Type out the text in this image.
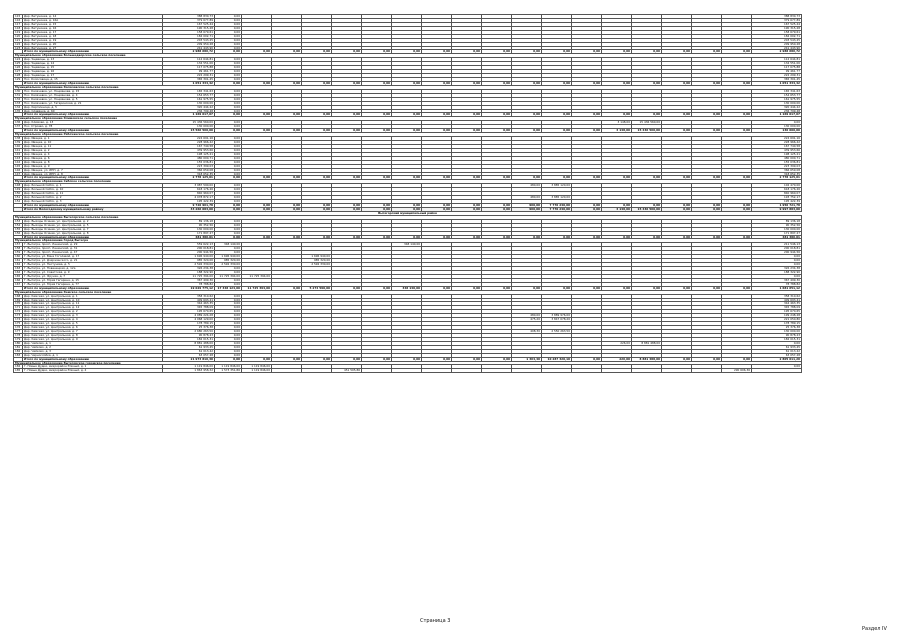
115	Дер. Бетунинка, д. 14	388 830,73	0,00																		388 830,73
116	Дер. Бетунинка, д. 16А	379 677,89	0,00																		379 677,89
117	Дер. Бетунинка, д. 15	167 525,44	0,00																		167 525,44
118	Дер. Бетунинка, д. 16	190 315,28	0,00																		190 315,28
119	Дер. Бетунинка, д. 17	158 679,61	0,00																		158 679,61
120	Дер. Бетунинка, д. 18	184 002,71	0,00																		184 002,71
121	Дер. Бетунинка, д. 19	203 543,25	0,00																		203 543,25
122	Дер. Бетунинка, д. 20	209 950,28	0,00																		209 950,28
123	Дер. Бетунинка, д. 27	241 443,90	0,00																		241 443,90
	Итого по муниципальному образованию	2 988 686,72	0,00	0,00	0,00	0,00	0,00	0,00	0,00	0,00	0,00	0,00	0,00	0,00	0,00	0,00	0,00	0,00	0,00	0,00	2 988 686,72
Муниципальное образование Большедворское сельское поселение																					
124	Дер. Ущевицы, д. 13	112 644,81	0,00																		112 644,81
125	Дер. Ущевицы, д. 14	134 551,00	0,00																		134 551,00
126	Дер. Ущевицы, д. 15	117 075,88	0,00																		117 075,88
127	Дер. Ущевицы, д. 16	99 461,77	0,00																		99 461,77
128	Дер. Ущевицы, д. 17	222 299,31	0,00																		222 299,31
129	Пос. Колосовица, д. 15	365 301,45	0,00																		365 301,45
	Итого по муниципальному образованию	1 051 334,42	0,00	0,00	0,00	0,00	0,00	0,00	0,00	0,00	0,00	0,00	0,00	0,00	0,00	0,00	0,00	0,00	0,00	0,00	1 051 334,42
Муниципальное образование Калачевское сельское поселение																					
130	Пос. Калачевка, ул. Лоцманова, д. 15	165 341,63	0,00																		165 341,63
131	Пос. Калачевка, ул. Лоцманова, д. 4	154 653,77	0,00																		154 653,77
132	Пос. Калачевка, ул. Лоцманова, д. 5	161 975,55	0,00																		161 975,55
133	Пос. Калачевка, ул. Гагаринская, д. 21	130 000,00	0,00																		130 000,00
134	Дер. Кирпичница, д. 5	320 444,22	0,00																		320 444,22
135	Дер. Славянка, д. 60	236 799,48	0,00																		236 799,48
	Итого по муниципальному образованию	1 169 017,07	0,00	0,00	0,00	0,00	0,00	0,00	0,00	0,00	0,00	0,00	0,00	0,00	0,00	0,00	0,00	0,00	0,00	0,00	1 169 017,07
Муниципальное образование Климовское сельское поселение																					
136	Дер. Климово, д. 13	15 436 560,00	0,00													3 148,00	15 436 560,00				0,00
137	Пос. Строево, д. 78	130 000,00	0,00																		130 000,00
	Итого по муниципальному образованию	15 566 560,00	0,00	0,00	0,00	0,00	0,00	0,00	0,00	0,00	0,00	0,00	0,00	0,00	0,00	3 148,00	15 436 560,00	0,00	0,00	0,00	130 000,00
Муниципальное образование Рабочинское сельское поселение																					
138	Дер. Ивацка, д. 1	224 691,16	0,00																		224 691,16
139	Дер. Ивацка, д. 10	228 966,42	0,00																		228 966,42
140	Дер. Ивацка, д. 11	167 740,58	0,00																		167 740,58
141	Дер. Ивацка, д. 2	439 953,66	0,00																		439 953,66
142	Дер. Ивацка, д. 4	198 125,21	0,00																		198 125,21
143	Дер. Ивацка, д. 6	480 000,71	0,00																		480 000,71
144	Дер. Ивацка, д. 8	155 036,81	0,00																		155 036,81
145	Дер. Ивацка, д. 9	223 399,03	0,00																		223 399,03
146	Дер. Ивацка, ул. ИНП, д. 7	366 659,08	0,00																		366 659,08
147	Дер. Ивацка, ул. ИНП, д. 8	318 652,35	0,00																		318 652,35
	Итого по муниципальному образованию	2 778 125,01	0,00	0,00	0,00	0,00	0,00	0,00	0,00	0,00	0,00	0,00	0,00	0,00	0,00	0,00	0,00	0,00	0,00	0,00	2 778 125,01
Муниципальное образование Сибское сельское поселение																					
148	Дер. Большой Сибск, д. 1	3 987 590,00	0,00										480,00	3 885 120,00							102 470,00
149	Дер. Большой Сибск, д. 10	618 176,26	0,00																		618 176,26
150	Дер. Большой Сибск, д. 11	840 960,07	0,00																		840 960,07
151	Дер. Большой Сибск, д. 2	4 078 872,17	0,00										480,00	3 885 120,00							193 752,17
152	Дер. Большой Сибск, д. 3	195 422,39	0,00																		195 422,39
	Итого по муниципальному образованию	9 720 961,78	0,00	0,00	0,00	0,00	0,00	0,00	0,00	0,00	0,00	0,00	960,00	7 770 240,00	0,00	0,00	0,00	0,00	0,00	0,00	1 950 721,78
	Итого по Вологодскому муниципальному району	33 266 083,00	0,00	0,00	0,00	0,00	0,00	0,00	0,00	0,00	0,00	0,00	960,00	7 770 240,00	0,00	3 148,00	15 436 560,00	0,00	0,00	0,00	9 997 883,00
Вытегорский муниципальный район																					
Муниципальное образование Вытегорское сельское поселение																					
153	Дер. Выходы Осинев, ул. Центральная, д. 2	89 136,18	0,00																		89 136,18
154	Дер. Выходы Осинев, ул. Центральная, д. 5	90 352,56	0,00																		90 352,56
155	Дер. Выходы Осинев, ул. Центральная, д. 7	130 000,00	0,00																		130 000,00
156	Дер. Выходы Осинев, ул. Центральная, д. 8	171 897,27	0,00																		171 897,27
	Итого по муниципальному образованию	481 386,01	0,00	0,00	0,00	0,00	0,00	0,00	0,00	0,00	0,00	0,00	0,00	0,00	0,00	0,00	0,00	0,00	0,00	0,00	481 386,01
Муниципальное образование Город Вытегра																					
157	Г. Вытегра, просп. Ленинский, д. 29	559 622,13	348 140,00						348 140,00												211 546,13
158	Г. Вытегра, просп. Ленинский, д. 31	200 018,81	0,00																		200 018,81
159	Г. Вытегра, просп. Ленинский, д. 47	200 944,56	0,00																		200 944,56
160	Г. Вытегра, ул. Вяна Гоголевой, д. 17	1 696 940,00	1 696 940,00			1 696 940,00															0,00
161	Г. Вытегра, ул. Дзержинского, д. 21	985 320,00	985 320,00			985 320,00															0,00
162	Г. Вытегра, ул. Пестунова, д. 5	2 592 330,00	2 592 330,00			2 592 330,00															0,00
163	Г. Вытегра, ул. Повенецкая, д. 12а	326 234,38	0,00																		326 234,38
164	Г. Вытегра, ул. Советская, д. 9	188 322,90	0,00																		188 322,90
165	Г. Вытегра, ул. Фрунзе, д. 7	11 725 394,00	11 725 394,00	11 725 394,00																	0,00
166	Г. Вытегра, ул. Юрия Гагарина, д. 15	367 499,30	0,00																		367 499,30
167	Г. Вытегра, ул. Юрия Гагарина, д. 77	78 788,82	0,00																		78 788,82
	Итого по муниципальному образованию	19 029 775,12	17 348 124,00	11 725 394,00	0,00	5 274 590,00	0,00	0,00	348 140,00	0,00	0,00	0,00	0,00	0,00	0,00	0,00	0,00	0,00	0,00	0,00	1 681 651,12
Муниципальное образование Кемское сельское поселение																					
168	Дер. Кемская, ул. Центральная, д. 1	358 310,62	0,00																		358 310,62
169	Дер. Кемская, ул. Центральная, д. 10	409 693,41	0,00																		409 693,41
170	Дер. Кемская, ул. Центральная, д. 11	344 463,35	0,00																		344 463,35
171	Дер. Кемская, ул. Центральная, д. 12	345 788,09	0,00																		345 788,09
172	Дер. Кемская, ул. Центральная, д. 2	195 670,65	0,00																		195 670,65
173	Дер. Кемская, ул. Центральная, д. 3	4 089 224,28	0,00										480,00	3 889 976,00							199 248,28
174	Дер. Кемская, ул. Центральная, д. 4	4 068 129,00	0,00										475,20	3 847 078,20							221 050,80
175	Дер. Кемская, ул. Центральная, д. 5	178 789,15	0,00																		178 789,15
176	Дер. Кемская, ул. Центральная, д. 6	25 376,38	0,00																		25 376,38
177	Дер. Кемская, ул. Центральная, д. 7	2 680 263,50	0,00										408,30	2 550 263,50							130 000,00
178	Дер. Кемская, ул. Центральная, д. 8	90 878,23	0,00																		90 878,23
179	Дер. Кемская, ул. Центральная, д. 9	182 015,31	0,00																		182 015,31
180	Дер. Чайково, д. 1	8 881 488,00	0,00													226,00	8 881 488,00				0,00
181	Дер. Чайково, д. 2	61 933,45	0,00																		61 933,45
182	Дер. Чайково, д. 3	61 013,42	0,00																		61 013,42
183	Дер. Чернослобка, д. 1	63 057,28	0,00																		63 057,28
	Итого по муниципальному образованию	21 973 816,30	0,00	0,00	0,00	0,00	0,00	0,00	0,00	0,00	0,00	0,00	1 364,40	10 287 320,10	0,00	226,00	8 881 488,00	0,00	0,00	0,00	2 805 011,20
Муниципальное образование Вытегорское городское поселение																					
184	Г. Новые Дудки, микрорайон Южный, д. 1	1 119 846,00	1 119 846,00	1 119 846,00																	0,00
185	Г. Новые Дудки, микрорайон Южный, д. 4	1 863 958,32	1 573 351,86	1 119 846,00			451 505,86													290 606,36	
Страница 3
Раздел IV
